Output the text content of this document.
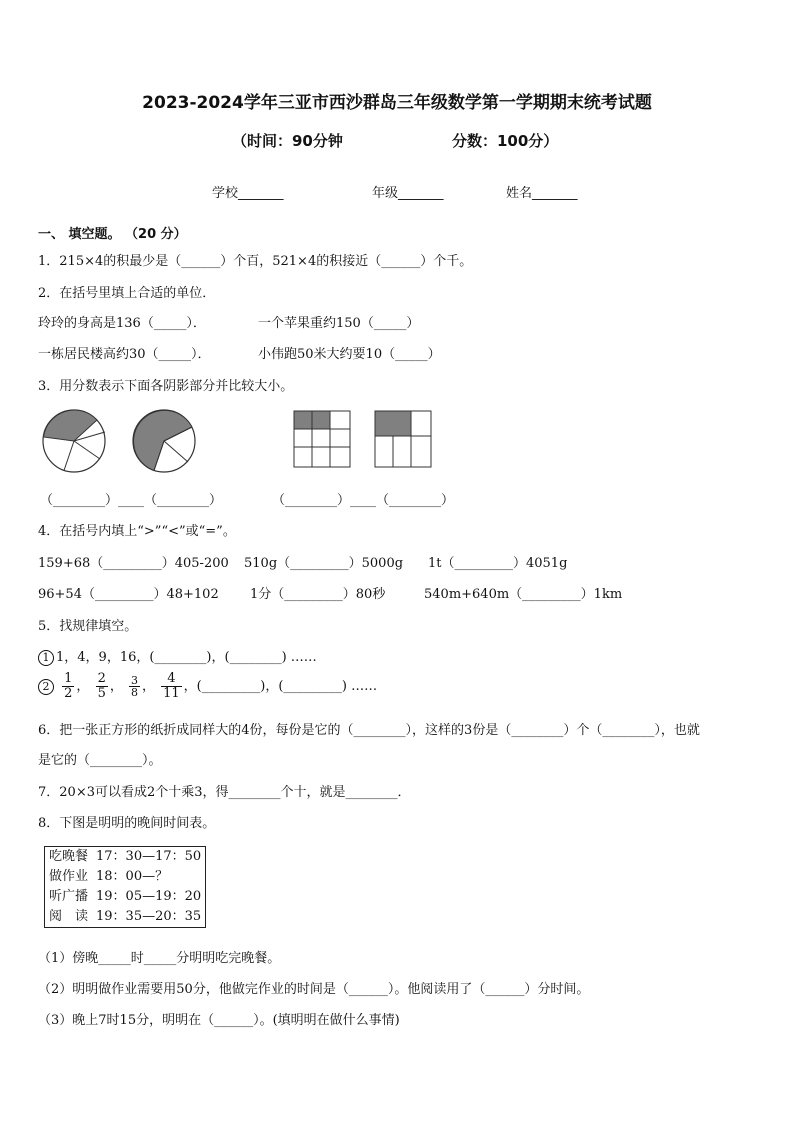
2023-2024学年三亚市西沙群岛三年级数学第一学期期末统考试题
（时间：90分钟	分数：100分）
学校_______	年级_______	姓名_______
一、 填空题。 （20 分）
1．215×4的积最少是（______）个百，521×4的积接近（______）个千。
2．在括号里填上合适的单位．
玲玲的身高是136（_____）．	一个苹果重约150（_____）
一栋居民楼高约30（_____）．	小伟跑50米大约要10（_____）
3．用分数表示下面各阴影部分并比较大小。
（________）____（________）	（________）____（________）
4．在括号内填上“>”“<”或“=”。
159+68（_________）405-200 510g（_________）5000g 1t（_________）4051g
96+54（_________）48+102 1分（_________）80秒	540m+640m（_________）1km
5．找规律填空。
1 1，4，9，16，(________)，(________) ……
$2 \frac{1}{2}$ ， $\frac{2}{5}$ ， $\frac{3}{8}$ ， $\frac{4}{11}$ ，(_________)，(_________) ……
6．把一张正方形的纸折成同样大的4份，每份是它的（________），这样的3份是（________）个（________），也就
是它的（________）。
7．20×3可以看成2个十乘3，得________个十，就是________．
8．下图是明明的晚间时间表。
吃晚餐	17：30—17：50
做作业	18：00—？
听广播	19：05—19：20
阅　读	19：35—20：35
（1）傍晚_____时_____分明明吃完晚餐。
（2）明明做作业需要用50分，他做完作业的时间是（______）。他阅读用了（______）分时间。
（3）晚上7时15分，明明在（______）。(填明明在做什么事情)
